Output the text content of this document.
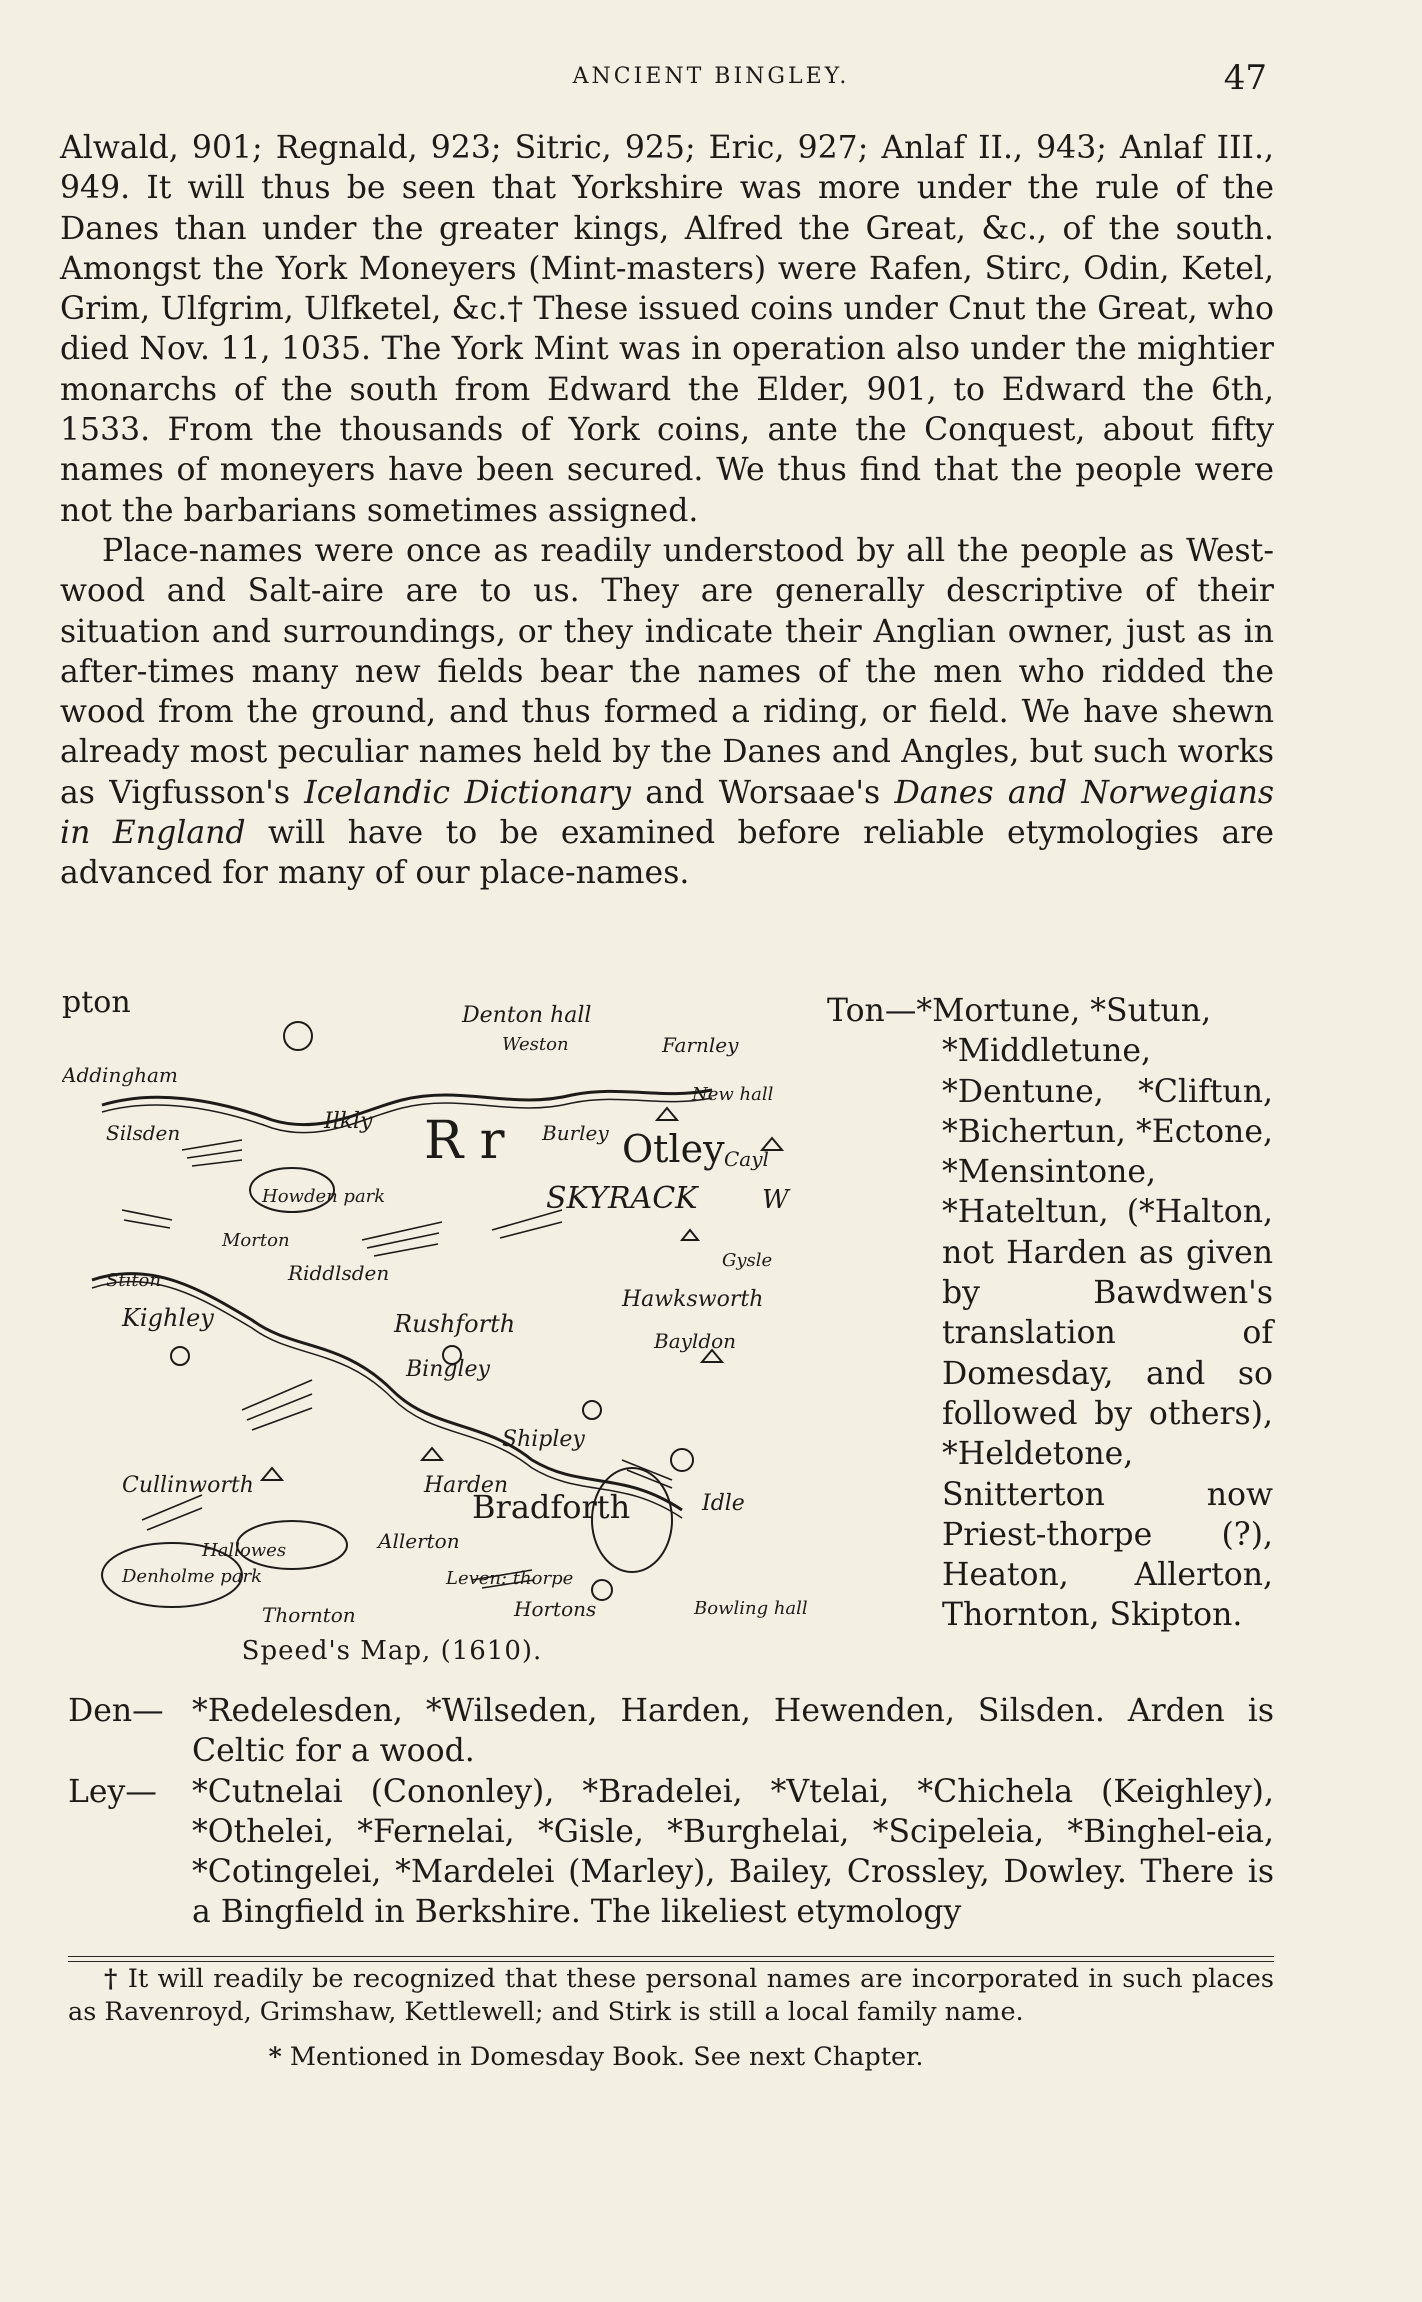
ANCIENT BINGLEY.	47

Alwald, 901; Regnald, 923; Sitric, 925; Eric, 927; Anlaf II., 943; Anlaf III., 949. It will thus be seen that Yorkshire was more under the rule of the Danes than under the greater kings, Alfred the Great, &c., of the south. Amongst the York Moneyers (Mint-masters) were Rafen, Stirc, Odin, Ketel, Grim, Ulfgrim, Ulfketel, &c.† These issued coins under Cnut the Great, who died Nov. 11, 1035. The York Mint was in operation also under the mightier monarchs of the south from Edward the Elder, 901, to Edward the 6th, 1533. From the thousands of York coins, ante the Conquest, about fifty names of moneyers have been secured. We thus find that the people were not the barbarians sometimes assigned.

Place-names were once as readily understood by all the people as West-wood and Salt-aire are to us. They are generally descriptive of their situation and surroundings, or they indicate their Anglian owner, just as in after-times many new fields bear the names of the men who ridded the wood from the ground, and thus formed a riding, or field. We have shewn already most peculiar names held by the Danes and Angles, but such works as Vigfusson's Icelandic Dictionary and Worsaae's Danes and Norwegians in England will have to be examined before reliable etymologies are advanced for many of our place-names.

pton
Addingham
Denton hall
Weston	Farnley
New hall
Ilkly R r Burley Otley Cayl
SKYRACK W
Silsden
Howden park
Morton
Riddlsden
Gysle
Stiton
Kighley
Hawksworth
Rushforth
Bayldon
Bingley
Shipley
Cullinworth	Harden
Bradforth	Idle
Hallowes	Allerton
Denholme park	Leven: thorpe
Thornton	Hortons	Bowling hall
Speed's Map, (1610).
Ton—*Mortune, *Sutun,
*Middletune, *Dentune, *Cliftun, *Bichertun, *Ectone, *Mensintone, *Hateltun, (*Halton, not Harden as given by Bawdwen's translation of Domesday, and so followed by others), *Heldetone, Snitterton now Priest-thorpe (?), Heaton, Allerton, Thornton, Skipton.
Den— *Redelesden, *Wilseden, Harden, Hewenden, Silsden. Arden is Celtic for a wood.
Ley— *Cutnelai (Cononley), *Bradelei, *Vtelai, *Chichela (Keighley), *Othelei, *Fernelai, *Gisle, *Burghelai, *Scipeleia, *Binghel-eia, *Cotingelei, *Mardelei (Marley), Bailey, Crossley, Dowley. There is a Bingfield in Berkshire. The likeliest etymology
† It will readily be recognized that these personal names are incorporated in such places as Ravenroyd, Grimshaw, Kettlewell; and Stirk is still a local family name.
* Mentioned in Domesday Book. See next Chapter.
